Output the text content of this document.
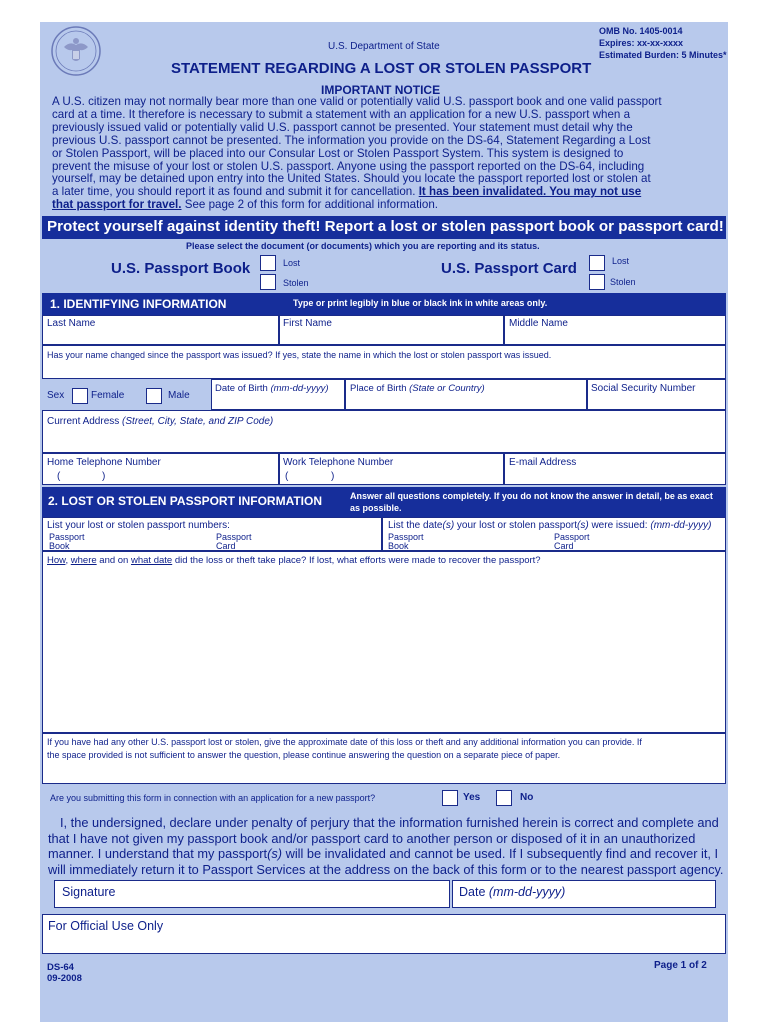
U.S. Department of State
OMB No. 1405-0014
Expires: xx-xx-xxxx
Estimated Burden: 5 Minutes*
STATEMENT REGARDING A LOST OR STOLEN PASSPORT
IMPORTANT NOTICE
A U.S. citizen may not normally bear more than one valid or potentially valid U.S. passport book and one valid passport
card at a time. It therefore is necessary to submit a statement with an application for a new U.S. passport when a
previously issued valid or potentially valid U.S. passport cannot be presented. Your statement must detail why the
previous U.S. passport cannot be presented. The information you provide on the DS-64, Statement Regarding a Lost
or Stolen Passport, will be placed into our Consular Lost or Stolen Passport System. This system is designed to
prevent the misuse of your lost or stolen U.S. passport. Anyone using the passport reported on the DS-64, including
yourself, may be detained upon entry into the United States. Should you locate the passport reported lost or stolen at
a later time, you should report it as found and submit it for cancellation. It has been invalidated. You may not use
that passport for travel. See page 2 of this form for additional information.
Protect yourself against identity theft! Report a lost or stolen passport book or passport card!
Please select the document (or documents) which you are reporting and its status.
U.S. Passport Book	Lost
Stolen
U.S. Passport Card	Lost
Stolen
1. IDENTIFYING INFORMATION	Type or print legibly in blue or black ink in white areas only.
Last Name	First Name	Middle Name
Has your name changed since the passport was issued? If yes, state the name in which the lost or stolen passport was issued.
Sex	Female	Male
Date of Birth (mm-dd-yyyy) Place of Birth (State or Country)	Social Security Number
Current Address (Street, City, State, and ZIP Code)
Home Telephone Number
(	)
Work Telephone Number
(	)
E-mail Address
2. LOST OR STOLEN PASSPORT INFORMATION	Answer all questions completely. If you do not know the answer in detail, be as exact as possible.
List your lost or stolen passport numbers:
Passport
Book
Passport
Card
List the date(s) your lost or stolen passport(s) were issued: (mm-dd-yyyy)
Passport
Book
Passport
Card
How, where and on what date did the loss or theft take place? If lost, what efforts were made to recover the passport?
If you have had any other U.S. passport lost or stolen, give the approximate date of this loss or theft and any additional information you can provide. If
the space provided is not sufficient to answer the question, please continue answering the question on a separate piece of paper.
Are you submitting this form in connection with an application for a new passport?	Yes	No
I, the undersigned, declare under penalty of perjury that the information furnished herein is correct and complete and
that I have not given my passport book and/or passport card to another person or disposed of it in an unauthorized
manner. I understand that my passport(s) will be invalidated and cannot be used. If I subsequently find and recover it, I
will immediately return it to Passport Services at the address on the back of this form or to the nearest passport agency.
Signature	Date (mm-dd-yyyy)
For Official Use Only
DS-64
09-2008
Page 1 of 2
